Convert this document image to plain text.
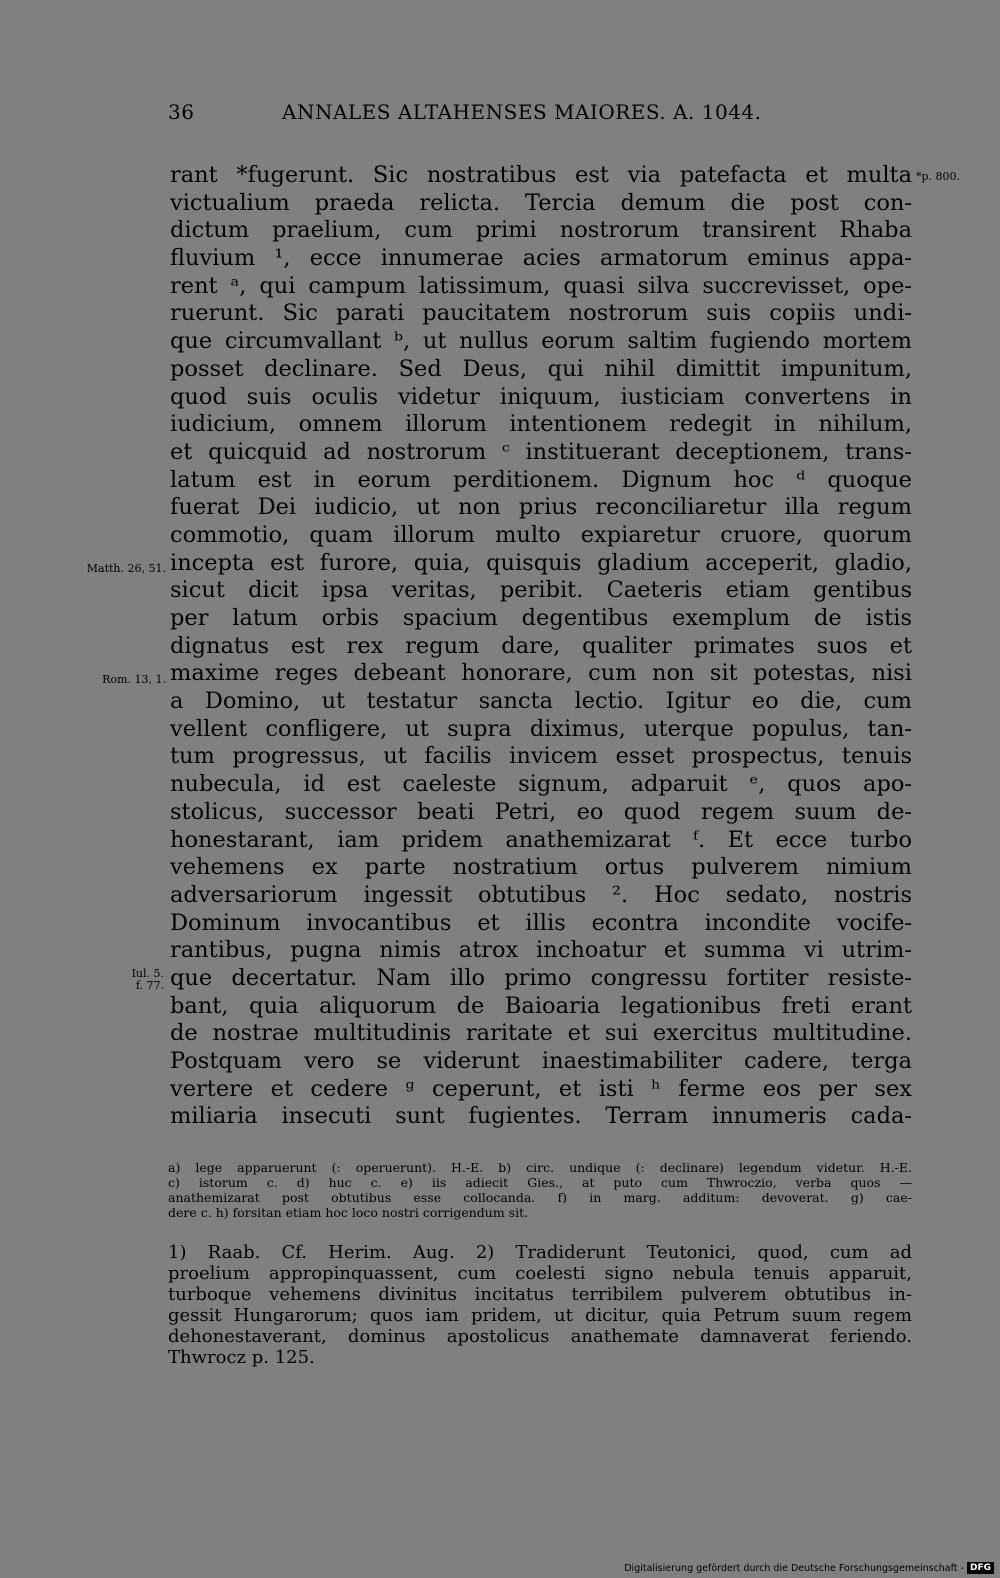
36	ANNALES ALTAHENSES MAIORES. A. 1044.
*p. 800.
Matth. 26, 51.
Rom. 13, 1.
Iul. 5.
f. 77.
rant *fugerunt. Sic nostratibus est via patefacta et multa
victualium praeda relicta. Tercia demum die post con-
dictum praelium, cum primi nostrorum transirent Rhaba
fluvium ¹, ecce innumerae acies armatorum eminus appa-
rent ᵃ, qui campum latissimum, quasi silva succrevisset, ope-
ruerunt. Sic parati paucitatem nostrorum suis copiis undi-
que circumvallant ᵇ, ut nullus eorum saltim fugiendo mortem
posset declinare. Sed Deus, qui nihil dimittit impunitum,
quod suis oculis videtur iniquum, iusticiam convertens in
iudicium, omnem illorum intentionem redegit in nihilum,
et quicquid ad nostrorum ᶜ instituerant deceptionem, trans-
latum est in eorum perditionem. Dignum hoc ᵈ quoque
fuerat Dei iudicio, ut non prius reconciliaretur illa regum
commotio, quam illorum multo expiaretur cruore, quorum
incepta est furore, quia, quisquis gladium acceperit, gladio,
sicut dicit ipsa veritas, peribit. Caeteris etiam gentibus
per latum orbis spacium degentibus exemplum de istis
dignatus est rex regum dare, qualiter primates suos et
maxime reges debeant honorare, cum non sit potestas, nisi
a Domino, ut testatur sancta lectio. Igitur eo die, cum
vellent confligere, ut supra diximus, uterque populus, tan-
tum progressus, ut facilis invicem esset prospectus, tenuis
nubecula, id est caeleste signum, adparuit ᵉ, quos apo-
stolicus, successor beati Petri, eo quod regem suum de-
honestarant, iam pridem anathemizarat ᶠ. Et ecce turbo
vehemens ex parte nostratium ortus pulverem nimium
adversariorum ingessit obtutibus ². Hoc sedato, nostris
Dominum invocantibus et illis econtra incondite vocife-
rantibus, pugna nimis atrox inchoatur et summa vi utrim-
que decertatur. Nam illo primo congressu fortiter resiste-
bant, quia aliquorum de Baioaria legationibus freti erant
de nostrae multitudinis raritate et sui exercitus multitudine.
Postquam vero se viderunt inaestimabiliter cadere, terga
vertere et cedere ᵍ ceperunt, et isti ʰ ferme eos per sex
miliaria insecuti sunt fugientes. Terram innumeris cada-
a) lege apparuerunt (: operuerunt). H.-E. b) circ. undique (: declinare) legendum videtur. H.-E.
c) istorum c. d) huc c. e) iis adiecit Gies., at puto cum Thwroczio, verba quos —
anathemizarat post obtutibus esse collocanda. f) in marg. additum: devoverat. g) cae-
dere c. h) forsitan etiam hoc loco nostri corrigendum sit.
1) Raab. Cf. Herim. Aug. 2) Tradiderunt Teutonici, quod, cum ad
proelium appropinquassent, cum coelesti signo nebula tenuis apparuit,
turboque vehemens divinitus incitatus terribilem pulverem obtutibus in-
gessit Hungarorum; quos iam pridem, ut dicitur, quia Petrum suum regem
dehonestaverant, dominus apostolicus anathemate damnaverat feriendo.
Thwrocz p. 125.
Digitalisierung gefördert durch die Deutsche Forschungsgemeinschaft - DFG
